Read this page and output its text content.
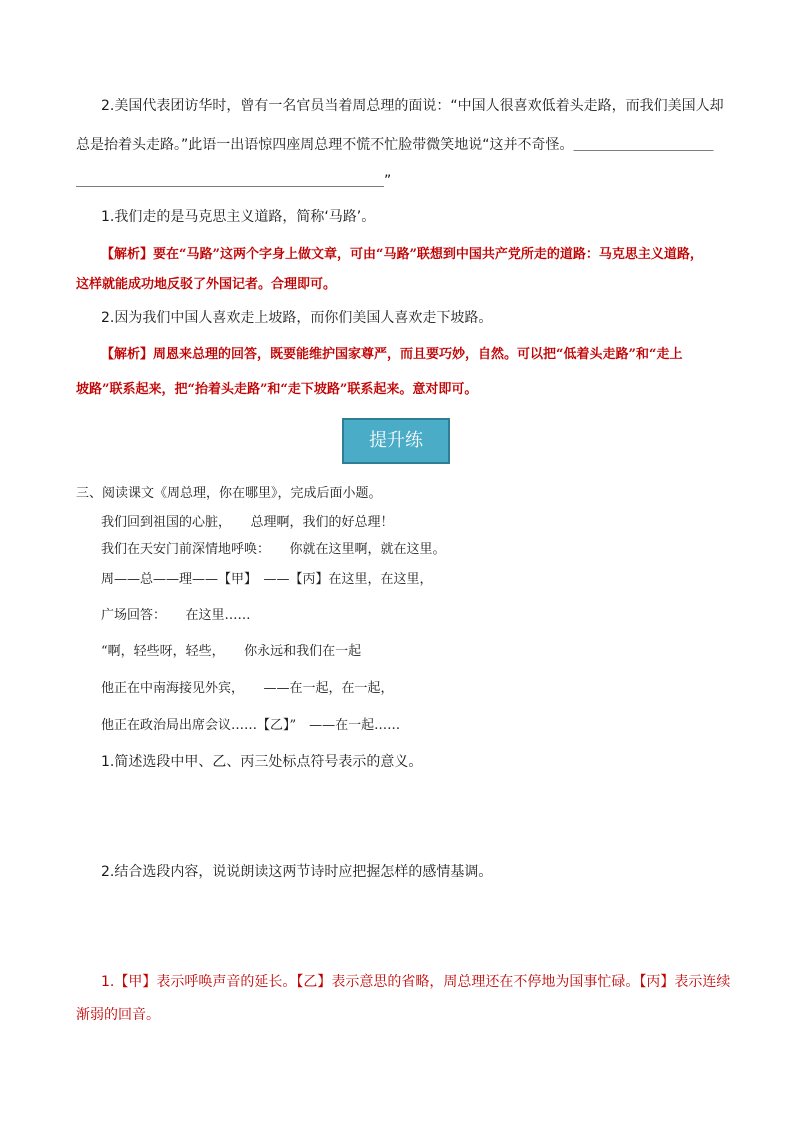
2.美国代表团访华时，曾有一名官员当着周总理的面说：“中国人很喜欢低着头走路，而我们美国人却
总是抬着头走路。”此语一出语惊四座周总理不慌不忙脸带微笑地说“这并不奇怪。＿＿＿＿＿＿＿＿＿＿
＿＿＿＿＿＿＿＿＿＿＿＿＿＿＿＿＿＿＿＿＿＿”
1.我们走的是马克思主义道路，简称‘马路’。
【解析】要在“马路”这两个字身上做文章，可由“马路”联想到中国共产党所走的道路：马克思主义道路，
这样就能成功地反驳了外国记者。合理即可。
2.因为我们中国人喜欢走上坡路，而你们美国人喜欢走下坡路。
【解析】周恩来总理的回答，既要能维护国家尊严，而且要巧妙，自然。可以把“低着头走路”和“走上
坡路”联系起来，把“抬着头走路”和“走下坡路”联系起来。意对即可。
提升练
三、阅读课文《周总理，你在哪里》，完成后面小题。
我们回到祖国的心脏，　　总理啊，我们的好总理！
我们在天安门前深情地呼唤：　　你就在这里啊，就在这里。
周——总——理——【甲】　——【丙】在这里，在这里，
广场回答：　　在这里……
“啊，轻些呀，轻些，　　你永远和我们在一起
他正在中南海接见外宾，　　——在一起，在一起，
他正在政治局出席会议……【乙】”　——在一起……
1.简述选段中甲、乙、丙三处标点符号表示的意义。
2.结合选段内容，说说朗读这两节诗时应把握怎样的感情基调。
1.【甲】表示呼唤声音的延长。【乙】表示意思的省略，周总理还在不停地为国事忙碌。【丙】表示连续
渐弱的回音。
